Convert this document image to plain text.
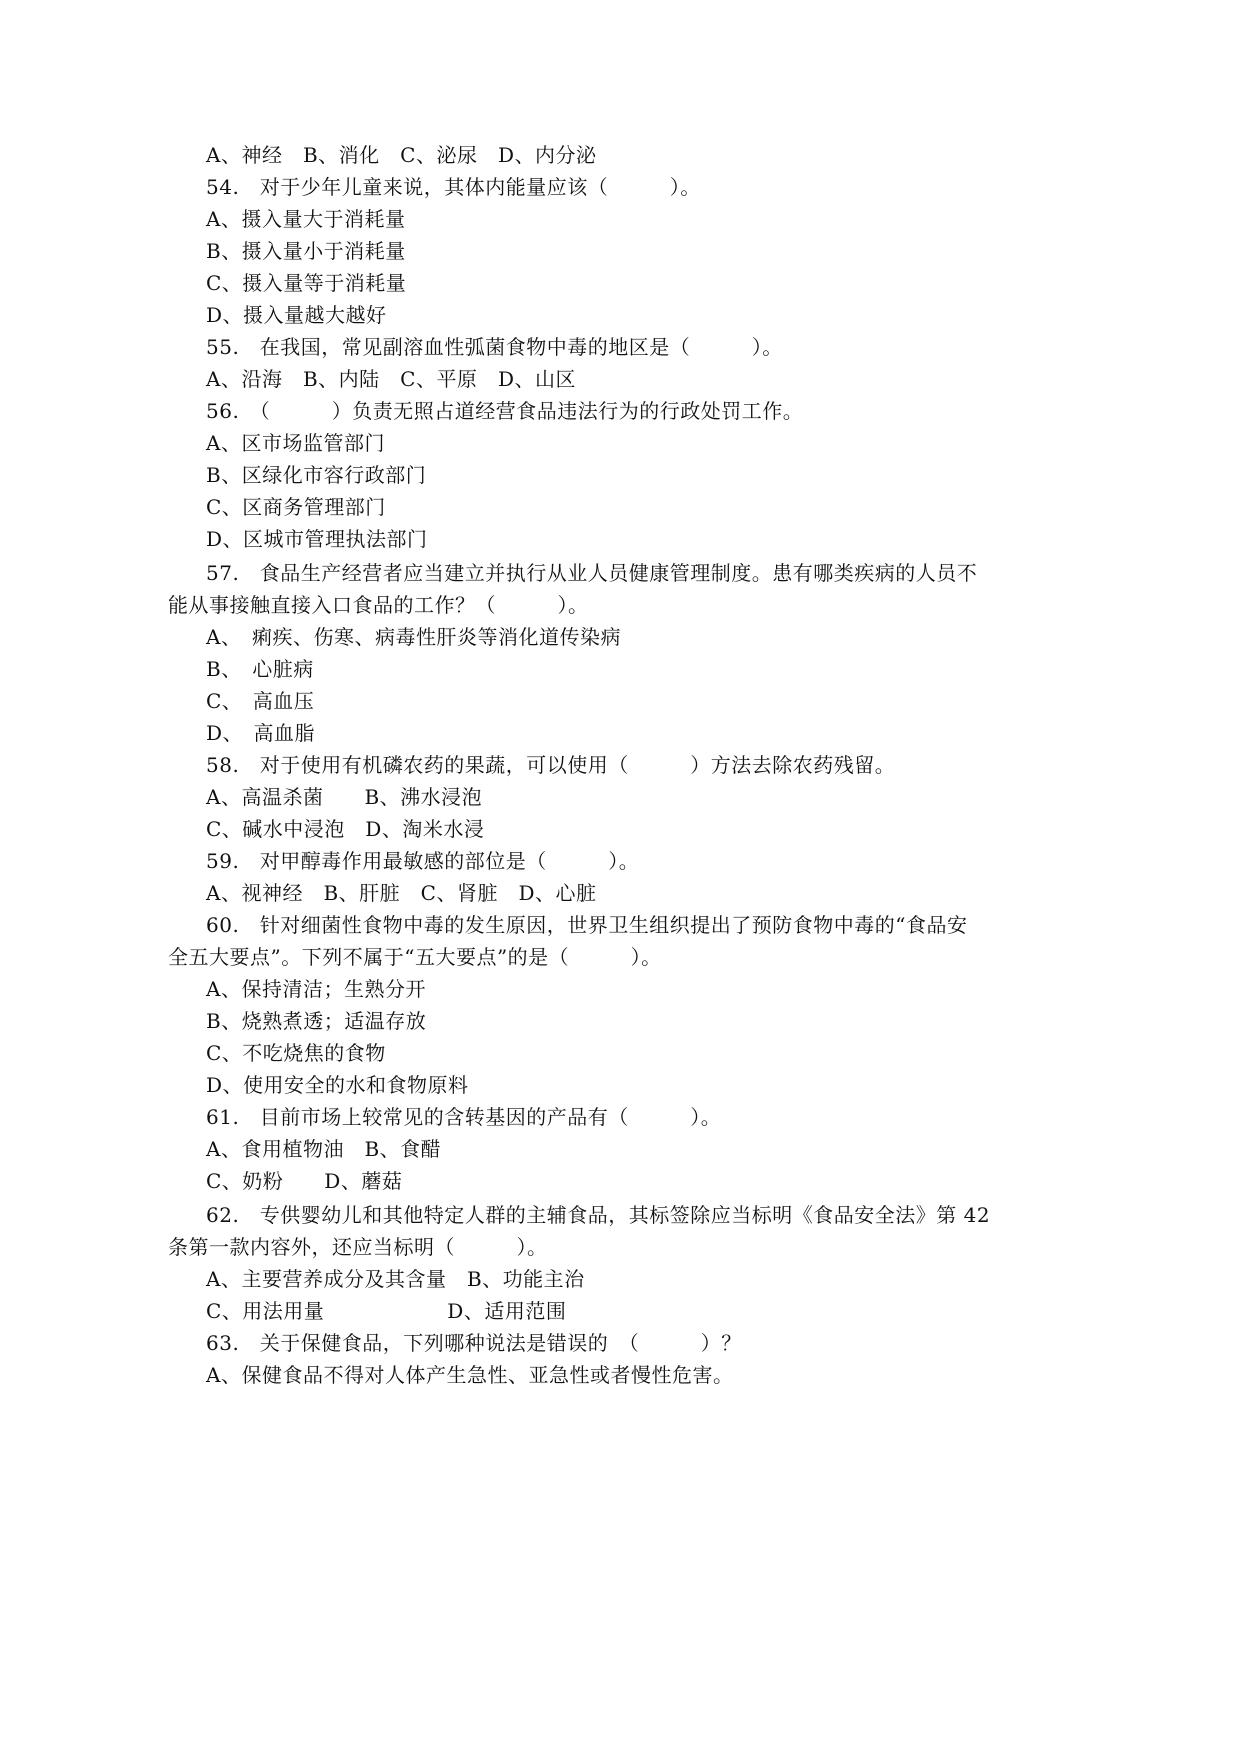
A、神经　B、消化　C、泌尿　D、内分泌
54.　对于少年儿童来说，其体内能量应该（　　　）。
A、摄入量大于消耗量
B、摄入量小于消耗量
C、摄入量等于消耗量
D、摄入量越大越好
55.　在我国，常见副溶血性弧菌食物中毒的地区是（　　　）。
A、沿海　B、内陆　C、平原　D、山区
56.　（　　　）负责无照占道经营食品违法行为的行政处罚工作。
A、区市场监管部门
B、区绿化市容行政部门
C、区商务管理部门
D、区城市管理执法部门
57.　食品生产经营者应当建立并执行从业人员健康管理制度。患有哪类疾病的人员不
能从事接触直接入口食品的工作？（　　　）。
A、　痢疾、伤寒、病毒性肝炎等消化道传染病
B、　心脏病
C、　高血压
D、　高血脂
58.　对于使用有机磷农药的果蔬，可以使用（　　　）方法去除农药残留。
A、高温杀菌　　B、沸水浸泡
C、碱水中浸泡　D、淘米水浸
59.　对甲醇毒作用最敏感的部位是（　　　）。
A、视神经　B、肝脏　C、肾脏　D、心脏
60.　针对细菌性食物中毒的发生原因，世界卫生组织提出了预防食物中毒的“食品安
全五大要点”。下列不属于“五大要点”的是（　　　）。
A、保持清洁；生熟分开
B、烧熟煮透；适温存放
C、不吃烧焦的食物
D、使用安全的水和食物原料
61.　目前市场上较常见的含转基因的产品有（　　　）。
A、食用植物油　B、食醋
C、奶粉　　D、蘑菇
62.　专供婴幼儿和其他特定人群的主辅食品，其标签除应当标明《食品安全法》第 42
条第一款内容外，还应当标明（　　　）。
A、主要营养成分及其含量　B、功能主治
C、用法用量　　　　　　D、适用范围
63.　关于保健食品，下列哪种说法是错误的　（　　　）？
A、保健食品不得对人体产生急性、亚急性或者慢性危害。
